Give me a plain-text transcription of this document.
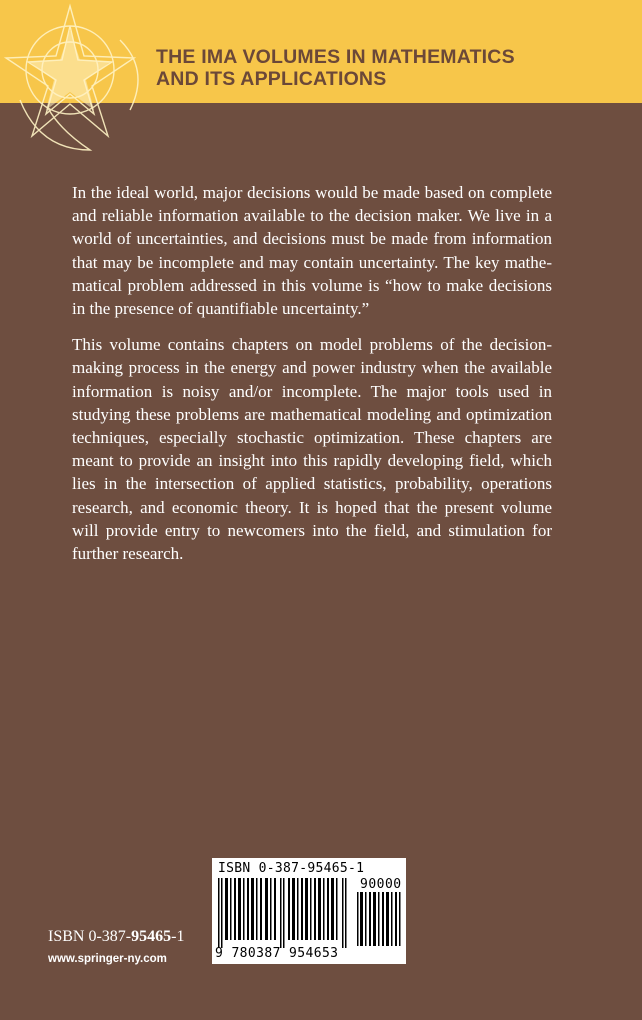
THE IMA VOLUMES IN MATHEMATICS
AND ITS APPLICATIONS

In the ideal world, major decisions would be made based on complete and reliable information available to the decision maker. We live in a world of uncertainties, and decisions must be made from information that may be incomplete and may contain uncertainty. The key mathematical problem addressed in this volume is “how to make decisions in the presence of quantifiable uncertainty.”

This volume contains chapters on model problems of the decision-making process in the energy and power industry when the available information is noisy and/or incomplete. The major tools used in studying these problems are mathematical modeling and optimization techniques, especially stochastic optimization. These chapters are meant to provide an insight into this rapidly developing field, which lies in the intersection of applied statistics, probability, operations research, and economic theory. It is hoped that the present volume will provide entry to newcomers into the field, and stimulation for further research.

ISBN 0-387-95465-1
90000
9 780387 954653
ISBN 0-387-95465-1
www.springer-ny.com
